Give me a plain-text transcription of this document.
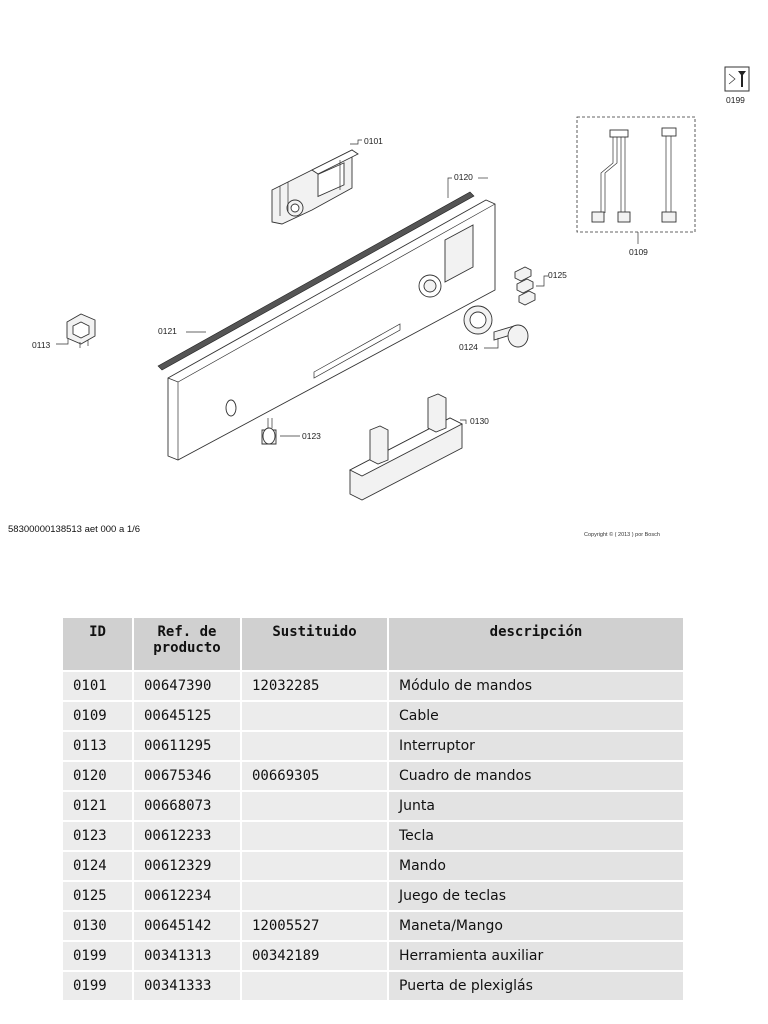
0199
0101
0120
0121
0113
0109
0125
0124
0123
0130
58300000138513 aet 000 a 1/6	Copyright © ( 2013 ) por Bosch
ID	Ref. de producto	Sustituido	descripción
0101	00647390	12032285	Módulo de mandos
0109	00645125		Cable
0113	00611295		Interruptor
0120	00675346	00669305	Cuadro de mandos
0121	00668073		Junta
0123	00612233		Tecla
0124	00612329		Mando
0125	00612234		Juego de teclas
0130	00645142	12005527	Maneta/Mango
0199	00341313	00342189	Herramienta auxiliar
0199	00341333		Puerta de plexiglás
